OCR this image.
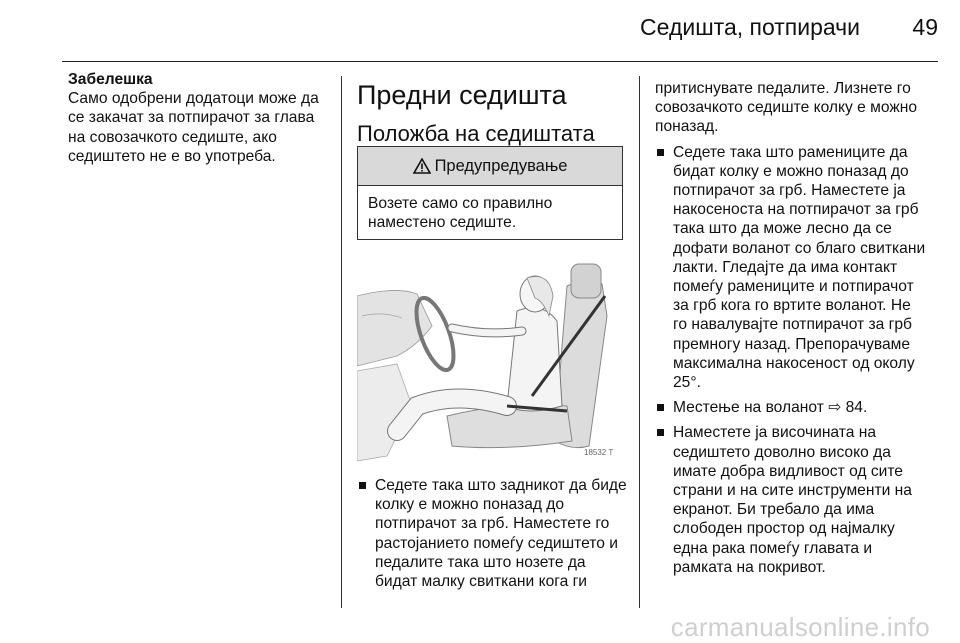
Седишта, потпирачи	49
Забелешка
Само одобрени додатоци може да се закачат за потпирачот за глава на совозачкото седиште, ако седиштето не е во употреба.
Предни седишта
Положба на седиштата
Предупредување
Возете само со правилно наместено седиште.
18532 T
Седете така што задникот да биде колку е можно поназад до потпирачот за грб. Наместете го растојанието помеѓу седиштето и педалите така што нозете да бидат малку свиткани кога ги
притиснувате педалите. Лизнете го совозачкото седиште колку е можно поназад.
Седете така што рамениците да бидат колку е можно поназад до потпирачот за грб. Наместете ја накосеноста на потпирачот за грб така што да може лесно да се дофати воланот со благо свиткани лакти. Гледајте да има контакт помеѓу рамениците и потпирачот за грб кога го вртите воланот. Не го навалувајте потпирачот за грб премногу назад. Препорачуваме максимална накосеност од околу 25°.
Местење на воланот ⇨ 84.
Наместете ја височината на седиштето доволно високо да имате добра видливост од сите страни и на сите инструменти на екранот. Би требало да има слободен простор од најмалку една рака помеѓу главата и рамката на покривот.
carmanualsonline.info
